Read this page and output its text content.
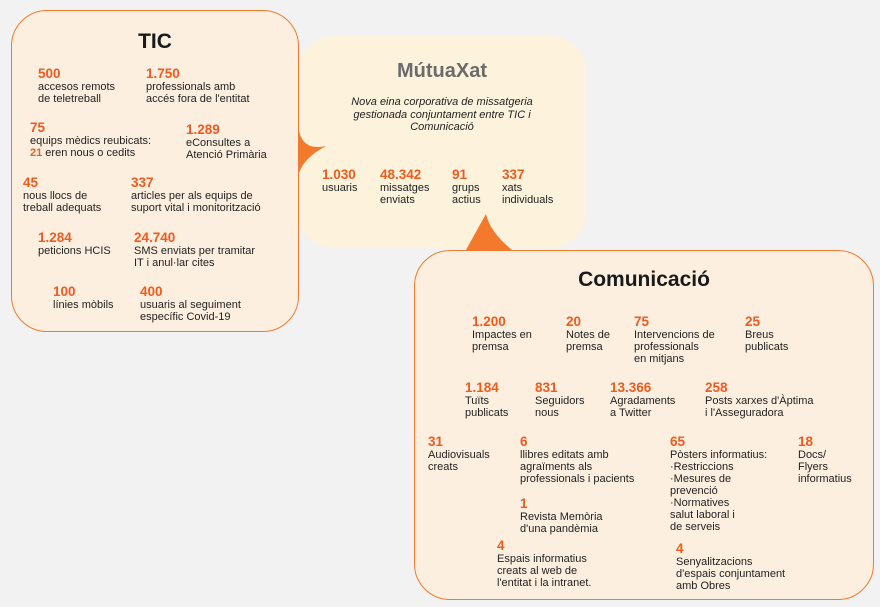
TIC
500
accesos remots
de teletreball
1.750
professionals amb
accés fora de l'entitat
75
equips mèdics reubicats:
21 eren nous o cedits
1.289
eConsultes a
Atenció Primària
45
nous llocs de
treball adequats
337
articles per als equips de
suport vital i monitorització
1.284
peticions HCIS
24.740
SMS enviats per tramitar
IT i anul·lar cites
100
línies mòbils
400
usuaris al seguiment
específic Covid-19
MútuaXat
Nova eina corporativa de missatgeria
gestionada conjuntament entre TIC i
Comunicació
1.030
usuaris
48.342
missatges
enviats
91
grups
actius
337
xats
individuals
Comunicació
1.200
Impactes en
premsa
20
Notes de
premsa
75
Intervencions de
professionals
en mitjans
25
Breus
publicats
1.184
Tuïts
publicats
831
Seguidors
nous
13.366
Agradaments
a Twitter
258
Posts xarxes d'Àptima
i l'Asseguradora
31
Audiovisuals
creats
6
llibres editats amb
agraïments als
professionals i pacients
65
Pòsters informatius:
·Restriccions
·Mesures de
prevenció
·Normatives
salut laboral i
de serveis
18
Docs/
Flyers
informatius
1
Revista Memòria
d'una pandèmia
4
Espais informatius
creats al web de
l'entitat i la intranet.
4
Senyalitzacions
d'espais conjuntament
amb Obres
